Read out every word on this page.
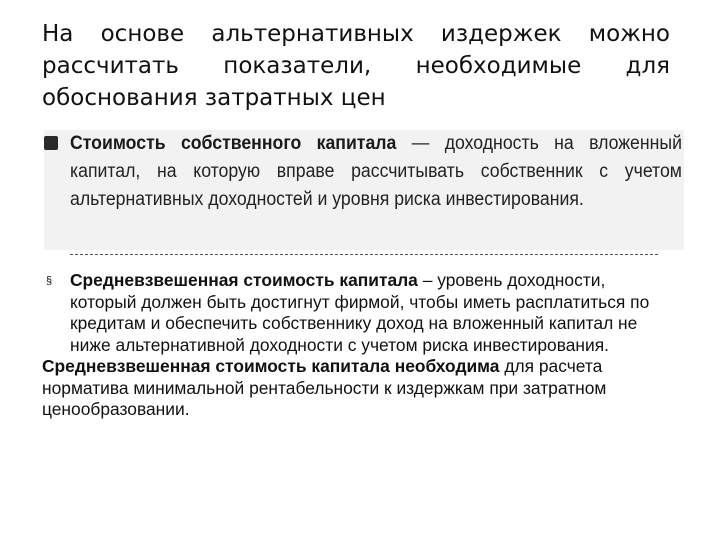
На основе альтернативных издержек можно
рассчитать показатели, необходимые для
обоснования затратных цен
Стоимость собственного капитала — доходность на вложенный капитал, на которую вправе рассчитывать собственник с учетом альтернативных доходностей и уровня риска инвестирования.
§ Средневзвешенная стоимость капитала – уровень доходности, который должен быть достигнут фирмой, чтобы иметь расплатиться по кредитам и обеспечить собственнику доход на вложенный капитал не ниже альтернативной доходности с учетом риска инвестирования.
Средневзвешенная стоимость капитала необходима для расчета норматива минимальной рентабельности к издержкам при затратном ценообразовании.
